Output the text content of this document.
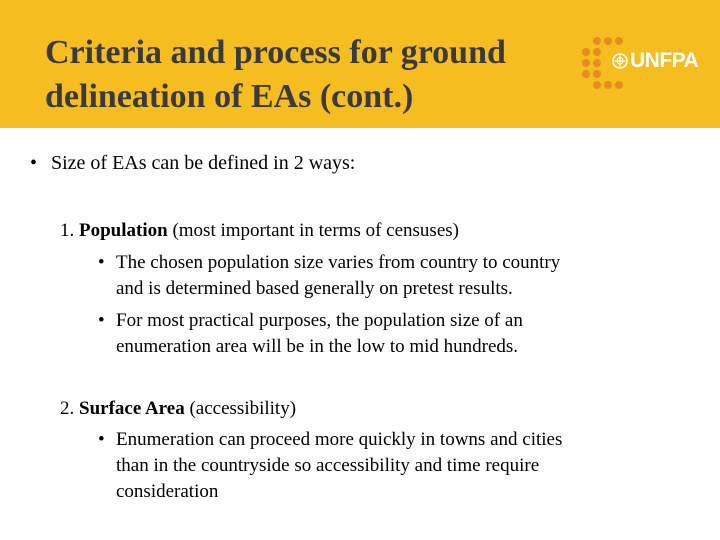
Criteria and process for ground
delineation of EAs (cont.)
UNFPA
• Size of EAs can be defined in 2 ways:
1. Population (most important in terms of censuses)
• The chosen population size varies from country to country
and is determined based generally on pretest results.
• For most practical purposes, the population size of an
enumeration area will be in the low to mid hundreds.
2. Surface Area (accessibility)
• Enumeration can proceed more quickly in towns and cities
than in the countryside so accessibility and time require
consideration
